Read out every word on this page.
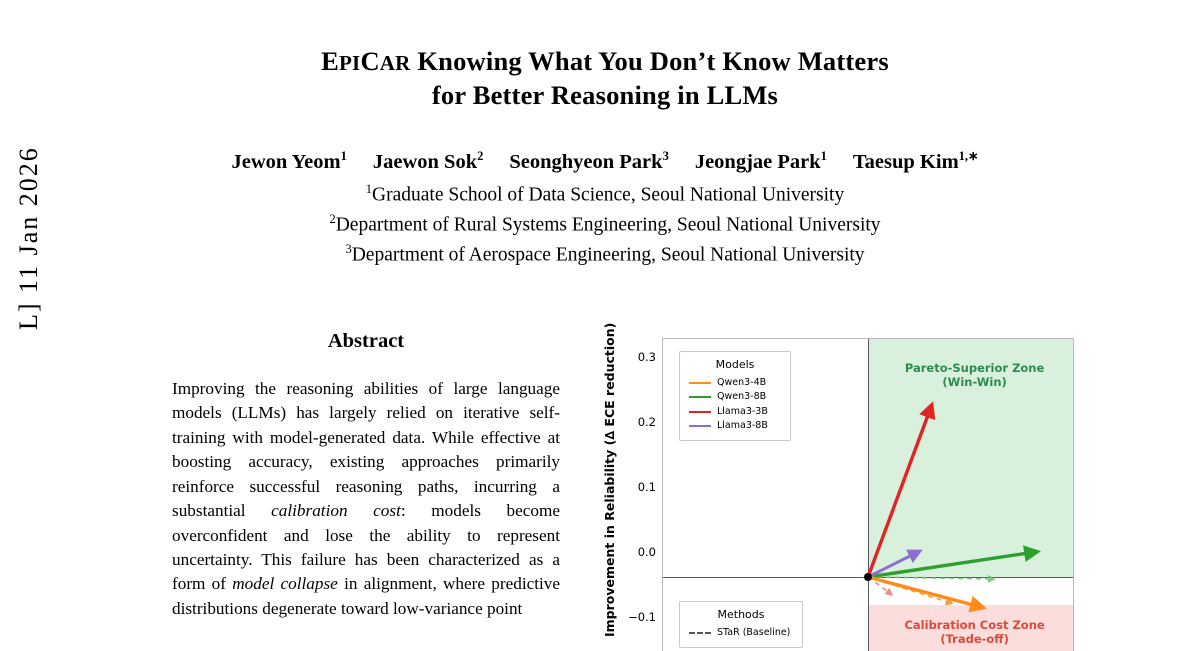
L] 11 Jan 2026
EPICAR Knowing What You Don’t Know Matters
for Better Reasoning in LLMs
Jewon Yeom$^1$ Jaewon Sok$^2$ Seonghyeon Park$^3$ Jeongjae Park$^1$ Taesup Kim$^{1,∗}$
$^1$Graduate School of Data Science, Seoul National University
$^2$Department of Rural Systems Engineering, Seoul National University
$^3$Department of Aerospace Engineering, Seoul National University
Abstract
Improving the reasoning abilities of large language models (LLMs) has largely relied on iterative self-training with model-generated data. While effective at boosting accuracy, existing approaches primarily reinforce successful reasoning paths, incurring a substantial calibration cost: models become overconfident and lose the ability to represent uncertainty. This failure has been characterized as a form of model collapse in alignment, where predictive distributions degenerate toward low-variance point	Improvement in Reliability (∆ ECE reduction)	0.3
0.2
0.1
0.0
−0.1
Pareto-Superior Zone
(Win-Win)
Calibration Cost Zone
(Trade-off)
Models
Qwen3-4B
Qwen3-8B
Llama3-3B
Llama3-8B
Methods
STaR (Baseline)
